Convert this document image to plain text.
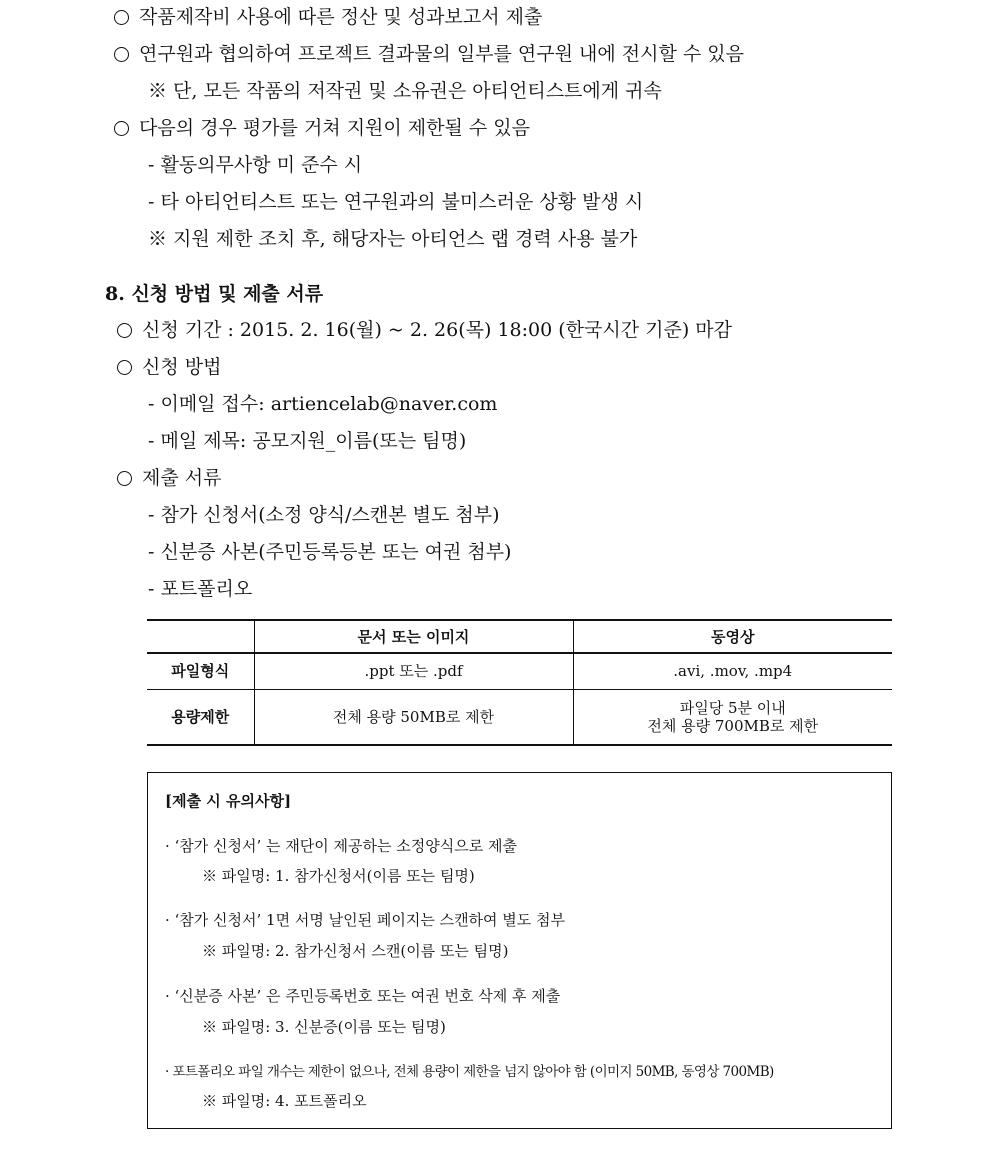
작품제작비 사용에 따른 정산 및 성과보고서 제출
연구원과 협의하여 프로젝트 결과물의 일부를 연구원 내에 전시할 수 있음
※ 단, 모든 작품의 저작권 및 소유권은 아티언티스트에게 귀속
다음의 경우 평가를 거쳐 지원이 제한될 수 있음
- 활동의무사항 미 준수 시
- 타 아티언티스트 또는 연구원과의 불미스러운 상황 발생 시
※ 지원 제한 조치 후, 해당자는 아티언스 랩 경력 사용 불가
8. 신청 방법 및 제출 서류
신청 기간 : 2015. 2. 16(월) ~ 2. 26(목) 18:00 (한국시간 기준) 마감
신청 방법
- 이메일 접수: artiencelab@naver.com
- 메일 제목: 공모지원_이름(또는 팀명)
제출 서류
- 참가 신청서(소정 양식/스캔본 별도 첨부)
- 신분증 사본(주민등록등본 또는 여권 첨부)
- 포트폴리오
	문서 또는 이미지	동영상
파일형식	.ppt 또는 .pdf	.avi, .mov, .mp4
용량제한	전체 용량 50MB로 제한	파일당 5분 이내
전체 용량 700MB로 제한
[제출 시 유의사항]
· ‘참가 신청서’ 는 재단이 제공하는 소정양식으로 제출
※ 파일명: 1. 참가신청서(이름 또는 팀명)
· ‘참가 신청서’ 1면 서명 날인된 페이지는 스캔하여 별도 첨부
※ 파일명: 2. 참가신청서 스캔(이름 또는 팀명)
· ‘신분증 사본’ 은 주민등록번호 또는 여권 번호 삭제 후 제출
※ 파일명: 3. 신분증(이름 또는 팀명)
· 포트폴리오 파일 개수는 제한이 없으나, 전체 용량이 제한을 넘지 않아야 함 (이미지 50MB, 동영상 700MB)
※ 파일명: 4. 포트폴리오
